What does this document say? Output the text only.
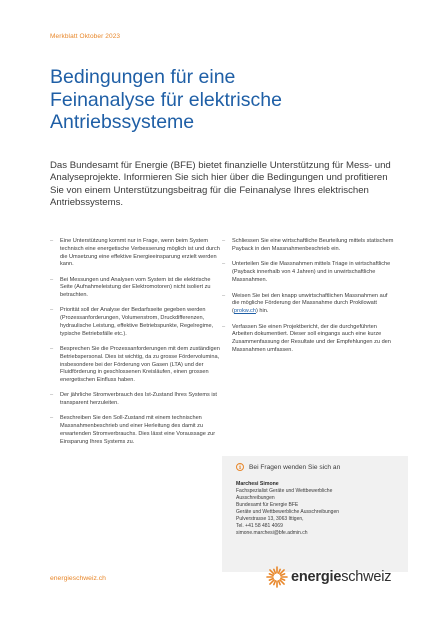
Merkblatt Oktober 2023
Bedingungen für eine
Feinanalyse für elektrische
Antriebssysteme

Das Bundesamt für Energie (BFE) bietet finanzielle Unterstützung für Mess- und Analyseprojekte. Informieren Sie sich hier über die Bedingungen und profitieren Sie von einem Unterstützungsbeitrag für die Feinanalyse Ihres elektrischen Antriebssystems.

– Eine Unterstützung kommt nur in Frage, wenn beim System technisch eine energetische Verbesserung möglich ist und durch die Umsetzung eine effektive Energieeinsparung erzielt werden kann.
– Bei Messungen und Analysen vom System ist die elektrische Seite (Aufnahmeleistung der Elektromotoren) nicht isoliert zu betrachten.
– Priorität soll der Analyse der Bedarfsseite gegeben werden (Prozessanforderungen, Volumenstrom, Druckdifferenzen, hydraulische Leistung, effektive Betriebspunkte, Regelregime, typische Betriebsfälle etc.).
– Besprechen Sie die Prozessanforderungen mit dem zuständigen Betriebspersonal. Dies ist wichtig, da zu grosse Fördervolumina, insbesondere bei der Förderung von Gasen (LTA) und der Fluidförderung in geschlossenen Kreisläufen, einen grossen energetischen Einfluss haben.
– Der jährliche Stromverbrauch des Ist-Zustand Ihres Systems ist transparent herzuleiten.
– Beschreiben Sie den Soll-Zustand mit einem technischen Massnahmenbeschrieb und einer Herleitung des damit zu erwartenden Stromverbrauchs. Dies lässt eine Voraussage zur Einsparung Ihres Systems zu.
– Schliessen Sie eine wirtschaftliche Beurteilung mittels statischem Payback in den Massnahmenbeschrieb ein.
– Unterteilen Sie die Massnahmen mittels Triage in wirtschaftliche (Payback innerhalb von 4 Jahren) und in unwirtschaftliche Massnahmen.
– Weisen Sie bei den knapp unwirtschaftlichen Massnahmen auf die mögliche Förderung der Massnahme durch Prokilowatt (prokw.ch) hin.
– Verfassen Sie einen Projektbericht, der die durchgeführten Arbeiten dokumentiert. Dieser soll eingangs auch eine kurze Zusammenfassung der Resultate und der Empfehlungen zu den Massnahmen umfassen.
i	Bei Fragen wenden Sie sich an
Marchesi Simone
Fachspezialist Geräte und Wettbewerbliche
Ausschreibungen
Bundesamt für Energie BFE
Geräte und Wettbewerbliche Ausschreibungen
Pulverstrasse 13, 3063 Ittigen,
Tel. +41 58 481 4069
simone.marchesi@bfe.admin.ch
energieschweiz.ch	energieschweiz
